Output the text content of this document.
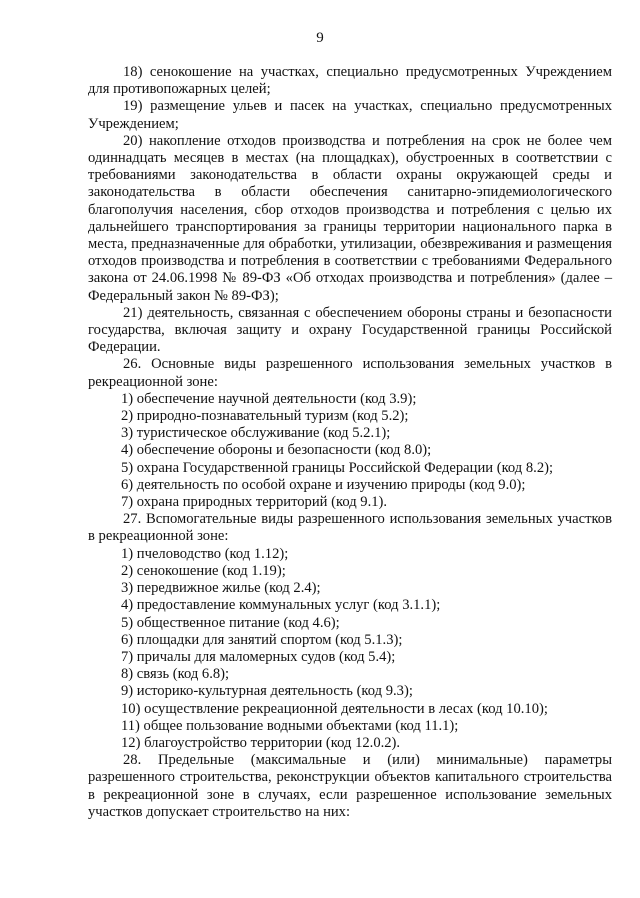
9

18) сенокошение на участках, специально предусмотренных Учреждением для противопожарных целей;

19) размещение ульев и пасек на участках, специально предусмотренных Учреждением;

20) накопление отходов производства и потребления на срок не более чем одиннадцать месяцев в местах (на площадках), обустроенных в соответствии с требованиями законодательства в области охраны окружающей среды и законодательства в области обеспечения санитарно-эпидемиологического благополучия населения, сбор отходов производства и потребления с целью их дальнейшего транспортирования за границы территории национального парка в места, предназначенные для обработки, утилизации, обезвреживания и размещения отходов производства и потребления в соответствии с требованиями Федерального закона от 24.06.1998 № 89-ФЗ «Об отходах производства и потребления» (далее – Федеральный закон № 89-ФЗ);

21) деятельность, связанная с обеспечением обороны страны и безопасности государства, включая защиту и охрану Государственной границы Российской Федерации.

26. Основные виды разрешенного использования земельных участков в рекреационной зоне:

1) обеспечение научной деятельности (код 3.9);

2) природно-познавательный туризм (код 5.2);

3) туристическое обслуживание (код 5.2.1);

4) обеспечение обороны и безопасности (код 8.0);

5) охрана Государственной границы Российской Федерации (код 8.2);

6) деятельность по особой охране и изучению природы (код 9.0);

7) охрана природных территорий (код 9.1).

27. Вспомогательные виды разрешенного использования земельных участков в рекреационной зоне:

1) пчеловодство (код 1.12);

2) сенокошение (код 1.19);

3) передвижное жилье (код 2.4);

4) предоставление коммунальных услуг (код 3.1.1);

5) общественное питание (код 4.6);

6) площадки для занятий спортом (код 5.1.3);

7) причалы для маломерных судов (код 5.4);

8) связь (код 6.8);

9) историко-культурная деятельность (код 9.3);

10) осуществление рекреационной деятельности в лесах (код 10.10);

11) общее пользование водными объектами (код 11.1);

12) благоустройство территории (код 12.0.2).

28. Предельные (максимальные и (или) минимальные) параметры разрешенного строительства, реконструкции объектов капитального строительства в рекреационной зоне в случаях, если разрешенное использование земельных участков допускает строительство на них:
